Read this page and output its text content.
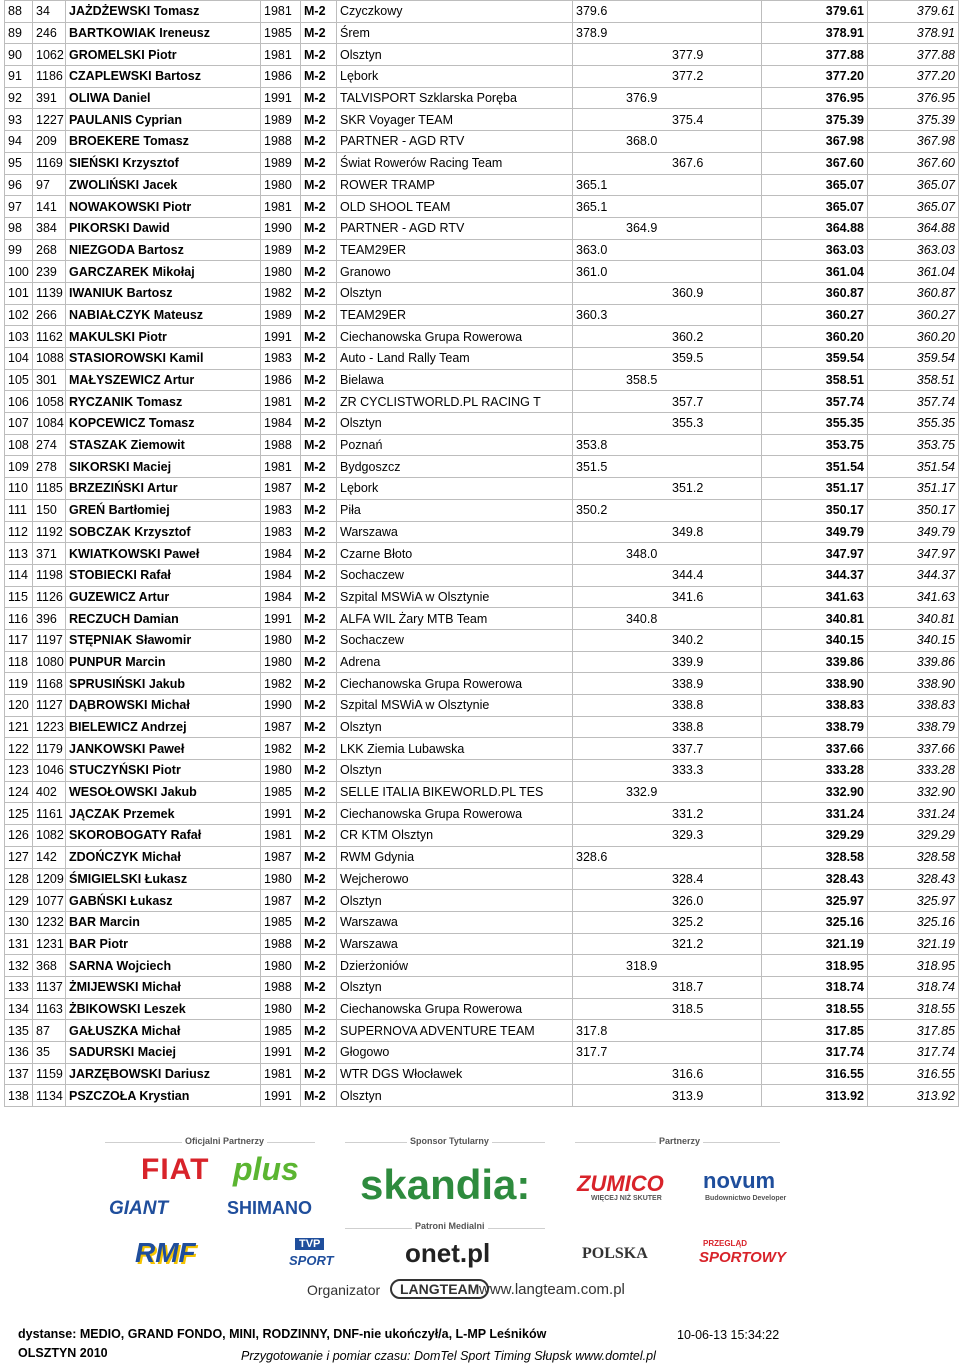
88	34	JAŻDŻEWSKI Tomasz	1981	M-2	Czyczkowy	379.6			379.61	379.61
89	246	BARTKOWIAK Ireneusz	1985	M-2	Śrem	378.9			378.91	378.91
90	1062	GROMELSKI Piotr	1981	M-2	Olsztyn			377.9	377.88	377.88
91	1186	CZAPLEWSKI Bartosz	1986	M-2	Lębork			377.2	377.20	377.20
92	391	OLIWA Daniel	1991	M-2	TALVISPORT Szklarska Poręba		376.9		376.95	376.95
93	1227	PAULANIS Cyprian	1989	M-2	SKR Voyager TEAM			375.4	375.39	375.39
94	209	BROEKERE Tomasz	1988	M-2	PARTNER - AGD RTV		368.0		367.98	367.98
95	1169	SIEŃSKI Krzysztof	1989	M-2	Świat Rowerów Racing Team			367.6	367.60	367.60
96	97	ZWOLIŃSKI Jacek	1980	M-2	ROWER TRAMP	365.1			365.07	365.07
97	141	NOWAKOWSKI Piotr	1981	M-2	OLD SHOOL TEAM	365.1			365.07	365.07
98	384	PIKORSKI Dawid	1990	M-2	PARTNER - AGD RTV		364.9		364.88	364.88
99	268	NIEZGODA Bartosz	1989	M-2	TEAM29ER	363.0			363.03	363.03
100	239	GARCZAREK Mikołaj	1980	M-2	Granowo	361.0			361.04	361.04
101	1139	IWANIUK Bartosz	1982	M-2	Olsztyn			360.9	360.87	360.87
102	266	NABIAŁCZYK Mateusz	1989	M-2	TEAM29ER	360.3			360.27	360.27
103	1162	MAKULSKI Piotr	1991	M-2	Ciechanowska Grupa Rowerowa			360.2	360.20	360.20
104	1088	STASIOROWSKI Kamil	1983	M-2	Auto - Land Rally Team			359.5	359.54	359.54
105	301	MAŁYSZEWICZ Artur	1986	M-2	Bielawa		358.5		358.51	358.51
106	1058	RYCZANIK Tomasz	1981	M-2	ZR CYCLISTWORLD.PL RACING T			357.7	357.74	357.74
107	1084	KOPCEWICZ Tomasz	1984	M-2	Olsztyn			355.3	355.35	355.35
108	274	STASZAK Ziemowit	1988	M-2	Poznań	353.8			353.75	353.75
109	278	SIKORSKI Maciej	1981	M-2	Bydgoszcz	351.5			351.54	351.54
110	1185	BRZEZIŃSKI Artur	1987	M-2	Lębork			351.2	351.17	351.17
111	150	GREŃ Bartłomiej	1983	M-2	Piła	350.2			350.17	350.17
112	1192	SOBCZAK Krzysztof	1983	M-2	Warszawa			349.8	349.79	349.79
113	371	KWIATKOWSKI Paweł	1984	M-2	Czarne Błoto		348.0		347.97	347.97
114	1198	STOBIECKI Rafał	1984	M-2	Sochaczew			344.4	344.37	344.37
115	1126	GUZEWICZ Artur	1984	M-2	Szpital MSWiA w Olsztynie			341.6	341.63	341.63
116	396	RECZUCH Damian	1991	M-2	ALFA WIL Żary MTB Team		340.8		340.81	340.81
117	1197	STĘPNIAK Sławomir	1980	M-2	Sochaczew			340.2	340.15	340.15
118	1080	PUNPUR Marcin	1980	M-2	Adrena			339.9	339.86	339.86
119	1168	SPRUSIŃSKI Jakub	1982	M-2	Ciechanowska Grupa Rowerowa			338.9	338.90	338.90
120	1127	DĄBROWSKI Michał	1990	M-2	Szpital MSWiA w Olsztynie			338.8	338.83	338.83
121	1223	BIELEWICZ Andrzej	1987	M-2	Olsztyn			338.8	338.79	338.79
122	1179	JANKOWSKI Paweł	1982	M-2	LKK Ziemia Lubawska			337.7	337.66	337.66
123	1046	STUCZYŃSKI Piotr	1980	M-2	Olsztyn			333.3	333.28	333.28
124	402	WESOŁOWSKI Jakub	1985	M-2	SELLE ITALIA BIKEWORLD.PL TES		332.9		332.90	332.90
125	1161	JĄCZAK Przemek	1991	M-2	Ciechanowska Grupa Rowerowa			331.2	331.24	331.24
126	1082	SKOROBOGATY Rafał	1981	M-2	CR KTM Olsztyn			329.3	329.29	329.29
127	142	ZDOŃCZYK Michał	1987	M-2	RWM Gdynia	328.6			328.58	328.58
128	1209	ŚMIGIELSKI Łukasz	1980	M-2	Wejcherowo			328.4	328.43	328.43
129	1077	GABŃSKI Łukasz	1987	M-2	Olsztyn			326.0	325.97	325.97
130	1232	BAR Marcin	1985	M-2	Warszawa			325.2	325.16	325.16
131	1231	BAR Piotr	1988	M-2	Warszawa			321.2	321.19	321.19
132	368	SARNA Wojciech	1980	M-2	Dzierżoniów		318.9		318.95	318.95
133	1137	ŻMIJEWSKI Michał	1988	M-2	Olsztyn			318.7	318.74	318.74
134	1163	ŻBIKOWSKI Leszek	1980	M-2	Ciechanowska Grupa Rowerowa			318.5	318.55	318.55
135	87	GAŁUSZKA Michał	1985	M-2	SUPERNOVA ADVENTURE TEAM	317.8			317.85	317.85
136	35	SADURSKI Maciej	1991	M-2	Głogowo	317.7			317.74	317.74
137	1159	JARZĘBOWSKI Dariusz	1981	M-2	WTR DGS Włocławek			316.6	316.55	316.55
138	1134	PSZCZOŁA Krystian	1991	M-2	Olsztyn			313.9	313.92	313.92
Oficjalni Partnerzy	Sponsor Tytularny	Partnerzy
FIAT plus
GIANT	SHIMANO
RMF
skandia: ZUMICO
WIĘCEJ NIŻ SKUTER
novum
Budownictwo Developer
Patroni Medialni
TVP
SPORT	onet.pl	POLSKA
PRZEGLĄD
SPORTOWY
Organizator	LANGTEAM www.langteam.com.pl
dystanse: MEDIO, GRAND FONDO, MINI, RODZINNY, DNF-nie ukończył/a, L-MP Leśników
OLSZTYN 2010
10-06-13 15:34:22
Przygotowanie i pomiar czasu: DomTel Sport Timing Słupsk www.domtel.pl
